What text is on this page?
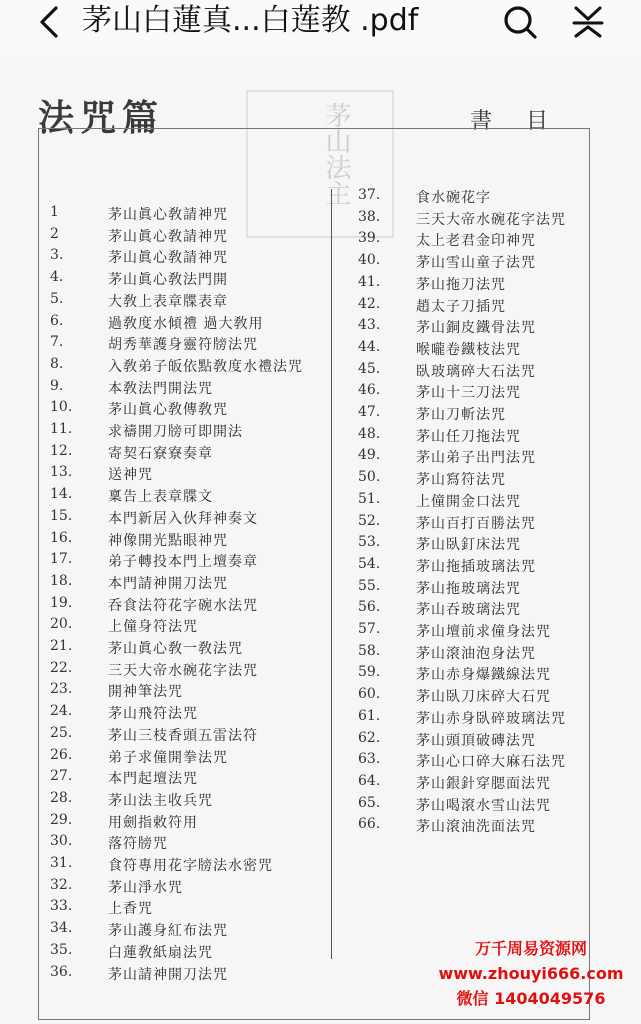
茅山白蓮真...白莲教 .pdf
茅山法主
法咒篇	書目
1	茅山眞心敎請神咒
2	茅山眞心敎請神咒
3.	茅山眞心敎請神咒
4.	茅山眞心敎法門開
5.	大敎上表章牒表章
6.	過敎度水傾禮 過大敎用
7.	胡秀華護身靈符牓法咒
8.	入敎弟子皈依點敎度水禮法咒
9.	本敎法門開法咒
10.	茅山眞心敎傳敎咒
11.	求禱開刀牓可即開法
12.	寄契石寮寮奏章
13.	送神咒
14.	稟告上表章牒文
15.	本門新居入伙拜神奏文
16.	神像開光點眼神咒
17.	弟子轉投本門上壇奏章
18.	本門請神開刀法咒
19.	呑食法符花字碗水法咒
20.	上僮身符法咒
21.	茅山眞心敎一敎法咒
22.	三天大帝水碗花字法咒
23.	開神筆法咒
24.	茅山飛符法咒
25.	茅山三枝香頭五雷法符
26.	弟子求僮開拳法咒
27.	本門起壇法咒
28.	茅山法主收兵咒
29.	用劍指敕符用
30.	落符牓咒
31.	食符專用花字牓法水密咒
32.	茅山淨水咒
33.	上香咒
34.	茅山護身紅布法咒
35.	白蓮敎紙扇法咒
36.	茅山請神開刀法咒
37.	食水碗花字
38.	三天大帝水碗花字法咒
39.	太上老君金印神咒
40.	茅山雪山童子法咒
41.	茅山拖刀法咒
42.	趙太子刀插咒
43.	茅山銅皮鐵骨法咒
44.	喉嚨卷鐵枝法咒
45.	臥玻璃碎大石法咒
46.	茅山十三刀法咒
47.	茅山刀斬法咒
48.	茅山任刀拖法咒
49.	茅山弟子出門法咒
50.	茅山寫符法咒
51.	上僮開金口法咒
52.	茅山百打百勝法咒
53.	茅山臥釘床法咒
54.	茅山拖插玻璃法咒
55.	茅山拖玻璃法咒
56.	茅山吞玻璃法咒
57.	茅山壇前求僮身法咒
58.	茅山滾油泡身法咒
59.	茅山赤身爆鐵線法咒
60.	茅山臥刀床碎大石咒
61.	茅山赤身臥碎玻璃法咒
62.	茅山頭頂破磚法咒
63.	茅山心口碎大麻石法咒
64.	茅山銀針穿腮面法咒
65.	茅山喝滾水雪山法咒
66.	茅山滾油洗面法咒
万千周易资源网
www.zhouyi666.com
微信 1404049576
